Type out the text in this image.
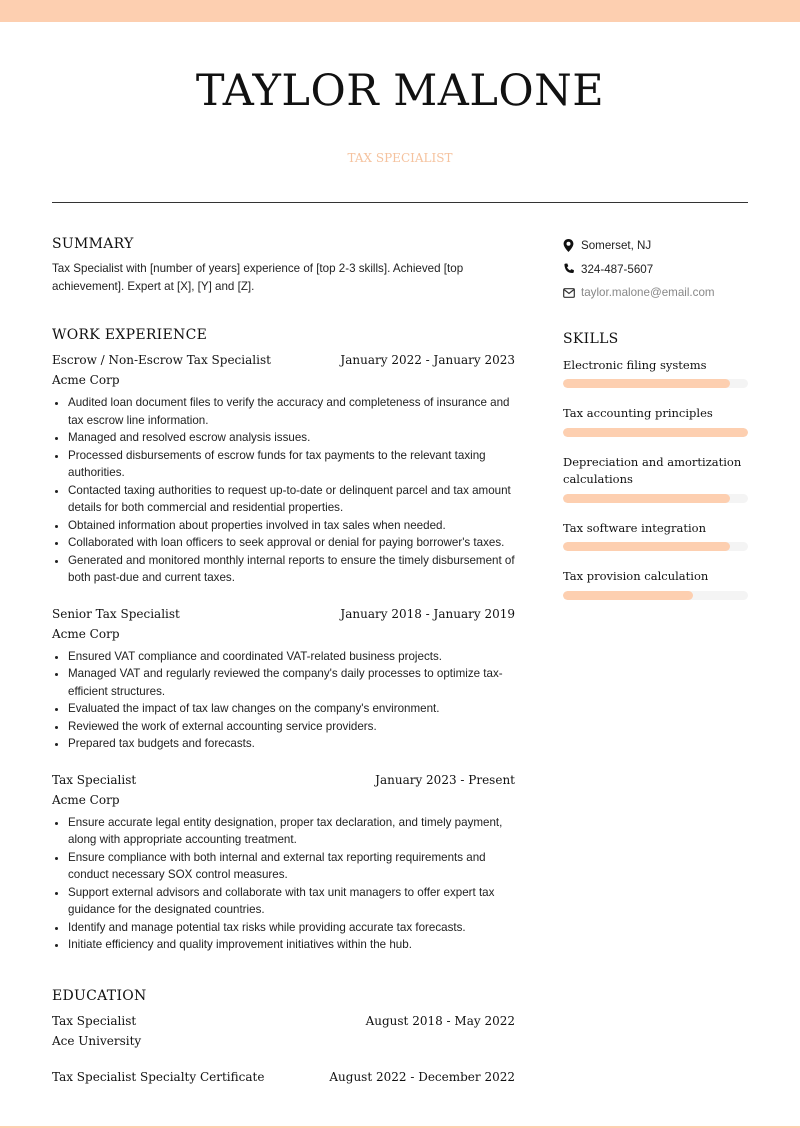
TAYLOR MALONE
TAX SPECIALIST
SUMMARY
Tax Specialist with [number of years] experience of [top 2-3 skills]. Achieved [top achievement]. Expert at [X], [Y] and [Z].
WORK EXPERIENCE
Escrow / Non-Escrow Tax Specialist	January 2022 - January 2023
Acme Corp
• Audited loan document files to verify the accuracy and completeness of insurance and tax escrow line information.
• Managed and resolved escrow analysis issues.
• Processed disbursements of escrow funds for tax payments to the relevant taxing authorities.
• Contacted taxing authorities to request up-to-date or delinquent parcel and tax amount details for both commercial and residential properties.
• Obtained information about properties involved in tax sales when needed.
• Collaborated with loan officers to seek approval or denial for paying borrower's taxes.
• Generated and monitored monthly internal reports to ensure the timely disbursement of both past-due and current taxes.
Senior Tax Specialist	January 2018 - January 2019
Acme Corp
• Ensured VAT compliance and coordinated VAT-related business projects.
• Managed VAT and regularly reviewed the company's daily processes to optimize tax-efficient structures.
• Evaluated the impact of tax law changes on the company's environment.
• Reviewed the work of external accounting service providers.
• Prepared tax budgets and forecasts.
Tax Specialist	January 2023 - Present
Acme Corp
• Ensure accurate legal entity designation, proper tax declaration, and timely payment, along with appropriate accounting treatment.
• Ensure compliance with both internal and external tax reporting requirements and conduct necessary SOX control measures.
• Support external advisors and collaborate with tax unit managers to offer expert tax guidance for the designated countries.
• Identify and manage potential tax risks while providing accurate tax forecasts.
• Initiate efficiency and quality improvement initiatives within the hub.
EDUCATION
Tax Specialist	August 2018 - May 2022
Ace University
Tax Specialist Specialty Certificate	August 2022 - December 2022
Somerset, NJ
324-487-5607
taylor.malone@email.com
SKILLS
Electronic filing systems
Tax accounting principles
Depreciation and amortization calculations
Tax software integration
Tax provision calculation
